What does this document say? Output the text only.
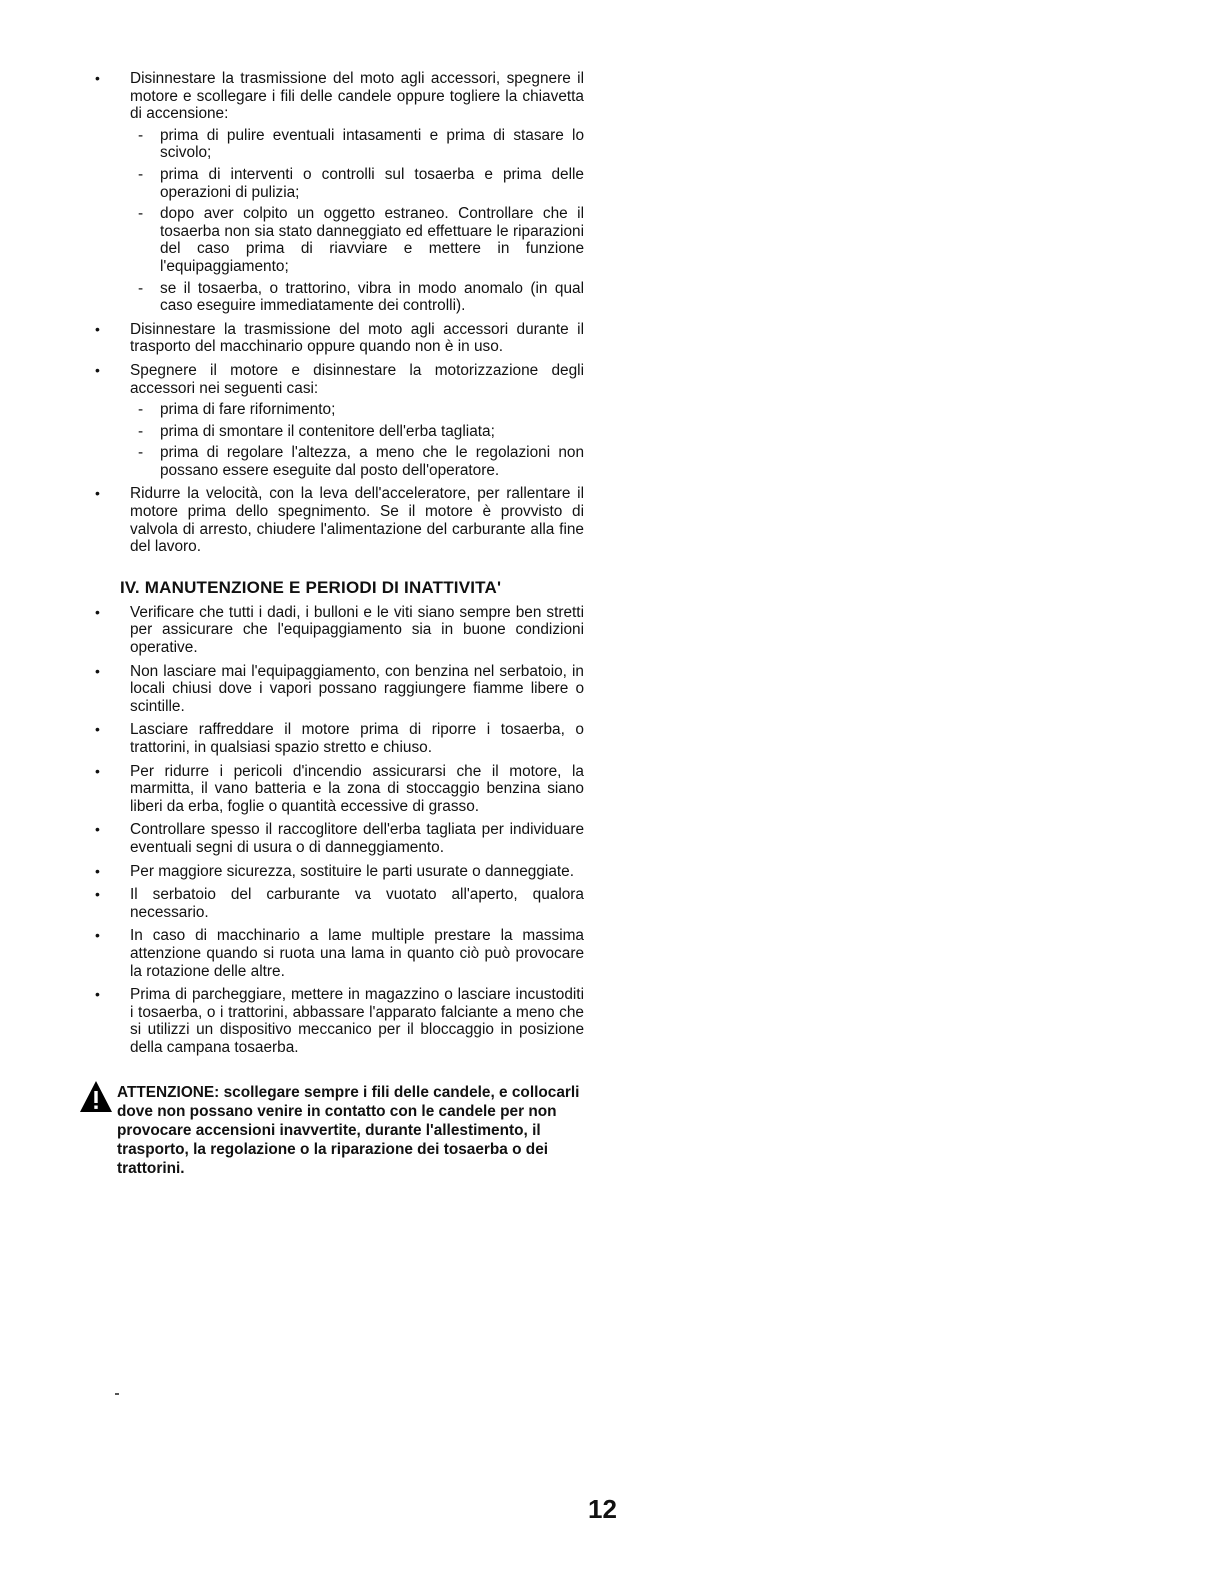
• Disinnestare la trasmissione del moto agli accessori, spegnere il motore e scollegare i fili delle candele oppure togliere la chiavetta di accensione:
- prima di pulire eventuali intasamenti e prima di stasare lo scivolo;
- prima di interventi o controlli sul tosaerba e prima delle operazioni di pulizia;
- dopo aver colpito un oggetto estraneo. Controllare che il tosaerba non sia stato danneggiato ed effettuare le riparazioni del caso prima di riavviare e mettere in funzione l'equipaggiamento;
- se il tosaerba, o trattorino, vibra in modo anomalo (in qual caso eseguire immediatamente dei controlli).
• Disinnestare la trasmissione del moto agli accessori durante il trasporto del macchinario oppure quando non è in uso.
• Spegnere il motore e disinnestare la motorizzazione degli accessori nei seguenti casi:
- prima di fare rifornimento;
- prima di smontare il contenitore dell'erba tagliata;
- prima di regolare l'altezza, a meno che le regolazioni non possano essere eseguite dal posto dell'operatore.
• Ridurre la velocità, con la leva dell'acceleratore, per rallentare il motore prima dello spegnimento. Se il motore è provvisto di valvola di arresto, chiudere l'alimentazione del carburante alla fine del lavoro.
IV. MANUTENZIONE E PERIODI DI INATTIVITA'
• Verificare che tutti i dadi, i bulloni e le viti siano sempre ben stretti per assicurare che l'equipaggiamento sia in buone condizioni operative.
• Non lasciare mai l'equipaggiamento, con benzina nel serbatoio, in locali chiusi dove i vapori possano raggiungere fiamme libere o scintille.
• Lasciare raffreddare il motore prima di riporre i tosaerba, o trattorini, in qualsiasi spazio stretto e chiuso.
• Per ridurre i pericoli d'incendio assicurarsi che il motore, la marmitta, il vano batteria e la zona di stoccaggio benzina siano liberi da erba, foglie o quantità eccessive di grasso.
• Controllare spesso il raccoglitore dell'erba tagliata per individuare eventuali segni di usura o di danneggiamento.
• Per maggiore sicurezza, sostituire le parti usurate o danneggiate.
• Il serbatoio del carburante va vuotato all'aperto, qualora necessario.
• In caso di macchinario a lame multiple prestare la massima attenzione quando si ruota una lama in quanto ciò può provocare la rotazione delle altre.
• Prima di parcheggiare, mettere in magazzino o lasciare incustoditi i tosaerba, o i trattorini, abbassare l'apparato falciante a meno che si utilizzi un dispositivo meccanico per il bloccaggio in posizione della campana tosaerba.
ATTENZIONE: scollegare sempre i fili delle candele, e collocarli dove non possano venire in contatto con le candele per non provocare accensioni inavvertite, durante l'allestimento, il trasporto, la regolazione o la riparazione dei tosaerba o dei trattorini.
12
